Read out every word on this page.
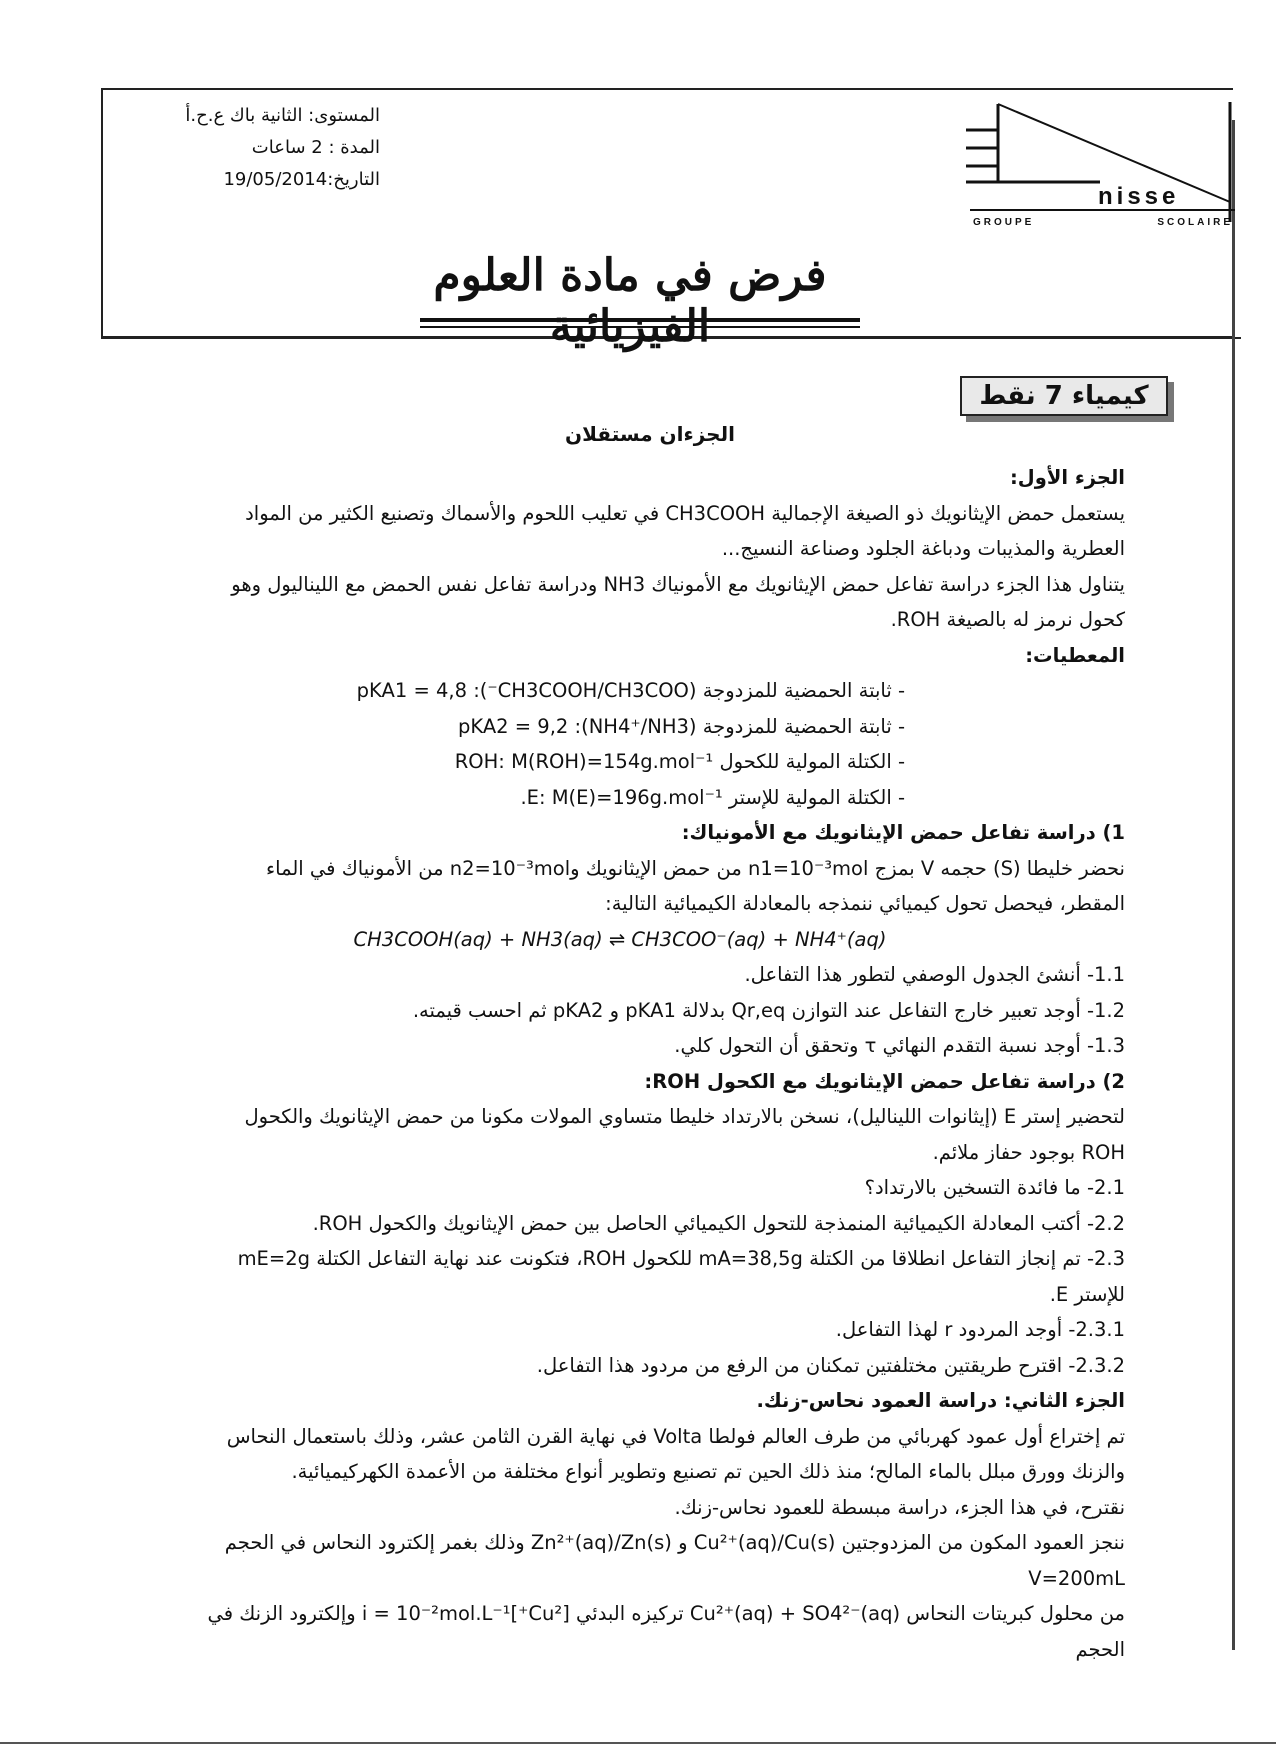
المستوى: الثانية باك ع.ح.أ
المدة : 2 ساعات
التاريخ:19/05/2014
nisse
GROUPE	SCOLAIRE
فرض في مادة العلوم
كيمياء 7 نقط
الجزءان مستقلان

الجزء الأول:

يستعمل حمض الإيثانويك ذو الصيغة الإجمالية CH3COOH في تعليب اللحوم والأسماك وتصنيع الكثير من المواد

العطرية والمذيبات ودباغة الجلود وصناعة النسيج...

يتناول هذا الجزء دراسة تفاعل حمض الإيثانويك مع الأمونياك NH3 ودراسة تفاعل نفس الحمض مع الليناليول وهو

كحول نرمز له بالصيغة ROH.

المعطيات:

- ثابتة الحمضية للمزدوجة (CH3COOH/CH3COO⁻): pKA1 = 4,8

- ثابتة الحمضية للمزدوجة (NH4⁺/NH3): pKA2 = 9,2

- الكتلة المولية للكحول ROH: M(ROH)=154g.mol⁻¹

- الكتلة المولية للإستر E: M(E)=196g.mol⁻¹.

1) دراسة تفاعل حمض الإيثانويك مع الأمونياك:

نحضر خليطا (S) حجمه V بمزج n1=10⁻³mol من حمض الإيثانويك وn2=10⁻³mol من الأمونياك في الماء

المقطر، فيحصل تحول كيميائي ننمذجه بالمعادلة الكيميائية التالية:

CH3COOH(aq) + NH3(aq) ⇌ CH3COO⁻(aq) + NH4⁺(aq)

1.1- أنشئ الجدول الوصفي لتطور هذا التفاعل.

1.2- أوجد تعبير خارج التفاعل عند التوازن Qr,eq بدلالة pKA1 و pKA2 ثم احسب قيمته.

1.3- أوجد نسبة التقدم النهائي τ وتحقق أن التحول كلي.

2) دراسة تفاعل حمض الإيثانويك مع الكحول ROH:

لتحضير إستر E (إيثانوات الليناليل)، نسخن بالارتداد خليطا متساوي المولات مكونا من حمض الإيثانويك والكحول

ROH بوجود حفاز ملائم.

2.1- ما فائدة التسخين بالارتداد؟

2.2- أكتب المعادلة الكيميائية المنمذجة للتحول الكيميائي الحاصل بين حمض الإيثانويك والكحول ROH.

2.3- تم إنجاز التفاعل انطلاقا من الكتلة mA=38,5g للكحول ROH، فتكونت عند نهاية التفاعل الكتلة mE=2g

للإستر E.

2.3.1- أوجد المردود r لهذا التفاعل.

2.3.2- اقترح طريقتين مختلفتين تمكنان من الرفع من مردود هذا التفاعل.

الجزء الثاني: دراسة العمود نحاس-زنك.

تم إختراع أول عمود كهربائي من طرف العالم فولطا Volta في نهاية القرن الثامن عشر، وذلك باستعمال النحاس

والزنك وورق مبلل بالماء المالح؛ منذ ذلك الحين تم تصنيع وتطوير أنواع مختلفة من الأعمدة الكهركيميائية.

نقترح، في هذا الجزء، دراسة مبسطة للعمود نحاس-زنك.

ننجز العمود المكون من المزدوجتين Cu²⁺(aq)/Cu(s) و Zn²⁺(aq)/Zn(s) وذلك بغمر إلكترود النحاس في الحجم V=200mL

من محلول كبريتات النحاس Cu²⁺(aq) + SO4²⁻(aq) تركيزه البدئي [Cu²⁺]i = 10⁻²mol.L⁻¹ وإلكترود الزنك في الحجم
